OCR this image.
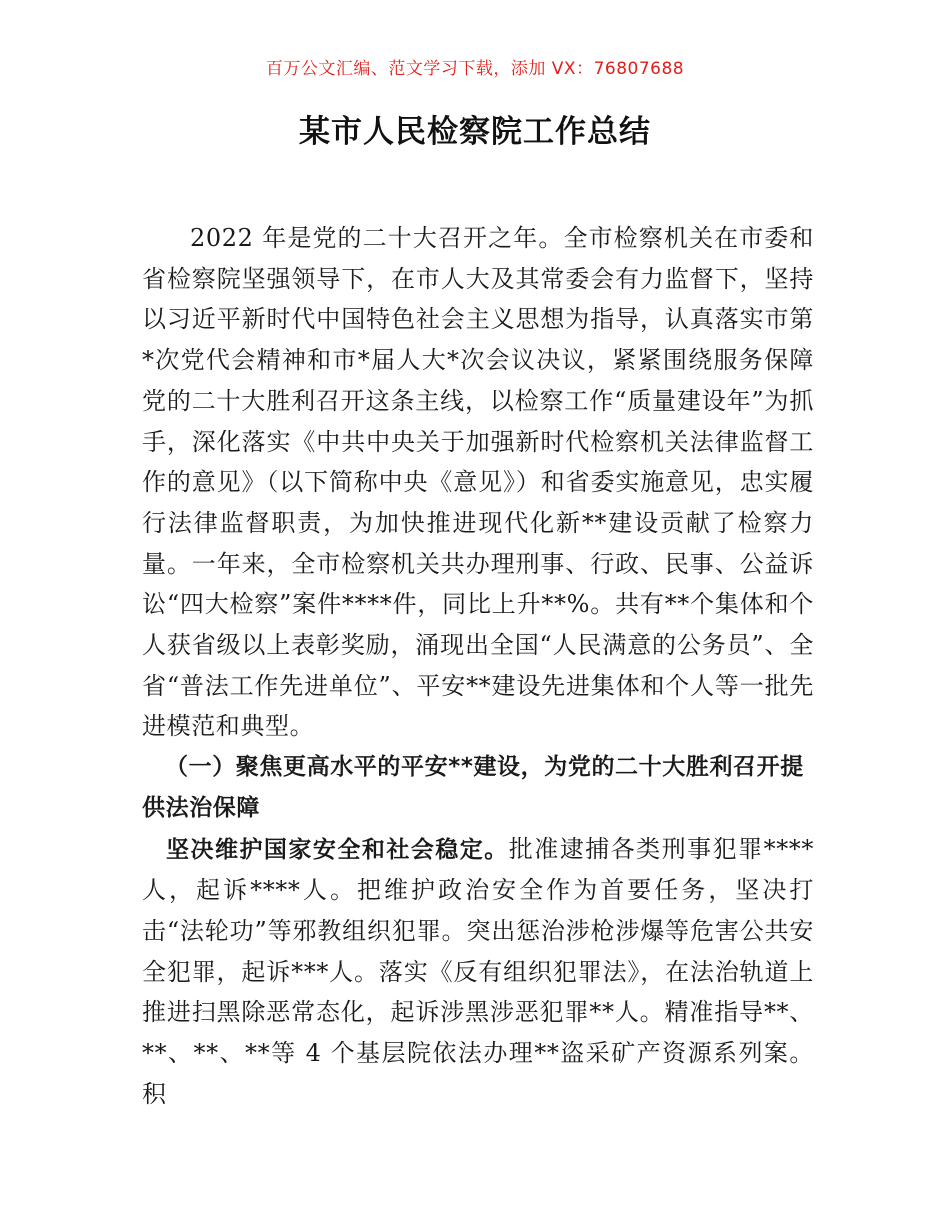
百万公文汇编、范文学习下载，添加 VX：76807688
某市人民检察院工作总结

2022 年是党的二十大召开之年。全市检察机关在市委和省检察院坚强领导下，在市人大及其常委会有力监督下，坚持以习近平新时代中国特色社会主义思想为指导，认真落实市第*次党代会精神和市*届人大*次会议决议，紧紧围绕服务保障党的二十大胜利召开这条主线，以检察工作“质量建设年”为抓手，深化落实《中共中央关于加强新时代检察机关法律监督工作的意见》（以下简称中央《意见》）和省委实施意见，忠实履行法律监督职责，为加快推进现代化新**建设贡献了检察力量。一年来，全市检察机关共办理刑事、行政、民事、公益诉讼“四大检察”案件****件，同比上升**%。共有**个集体和个人获省级以上表彰奖励，涌现出全国“人民满意的公务员”、全省“普法工作先进单位”、平安**建设先进集体和个人等一批先进模范和典型。

（一）聚焦更高水平的平安**建设，为党的二十大胜利召开提供法治保障

坚决维护国家安全和社会稳定。批准逮捕各类刑事犯罪****人，起诉****人。把维护政治安全作为首要任务，坚决打击“法轮功”等邪教组织犯罪。突出惩治涉枪涉爆等危害公共安全犯罪，起诉***人。落实《反有组织犯罪法》，在法治轨道上推进扫黑除恶常态化，起诉涉黑涉恶犯罪**人。精准指导**、**、**、**等 4 个基层院依法办理**盗采矿产资源系列案。积
